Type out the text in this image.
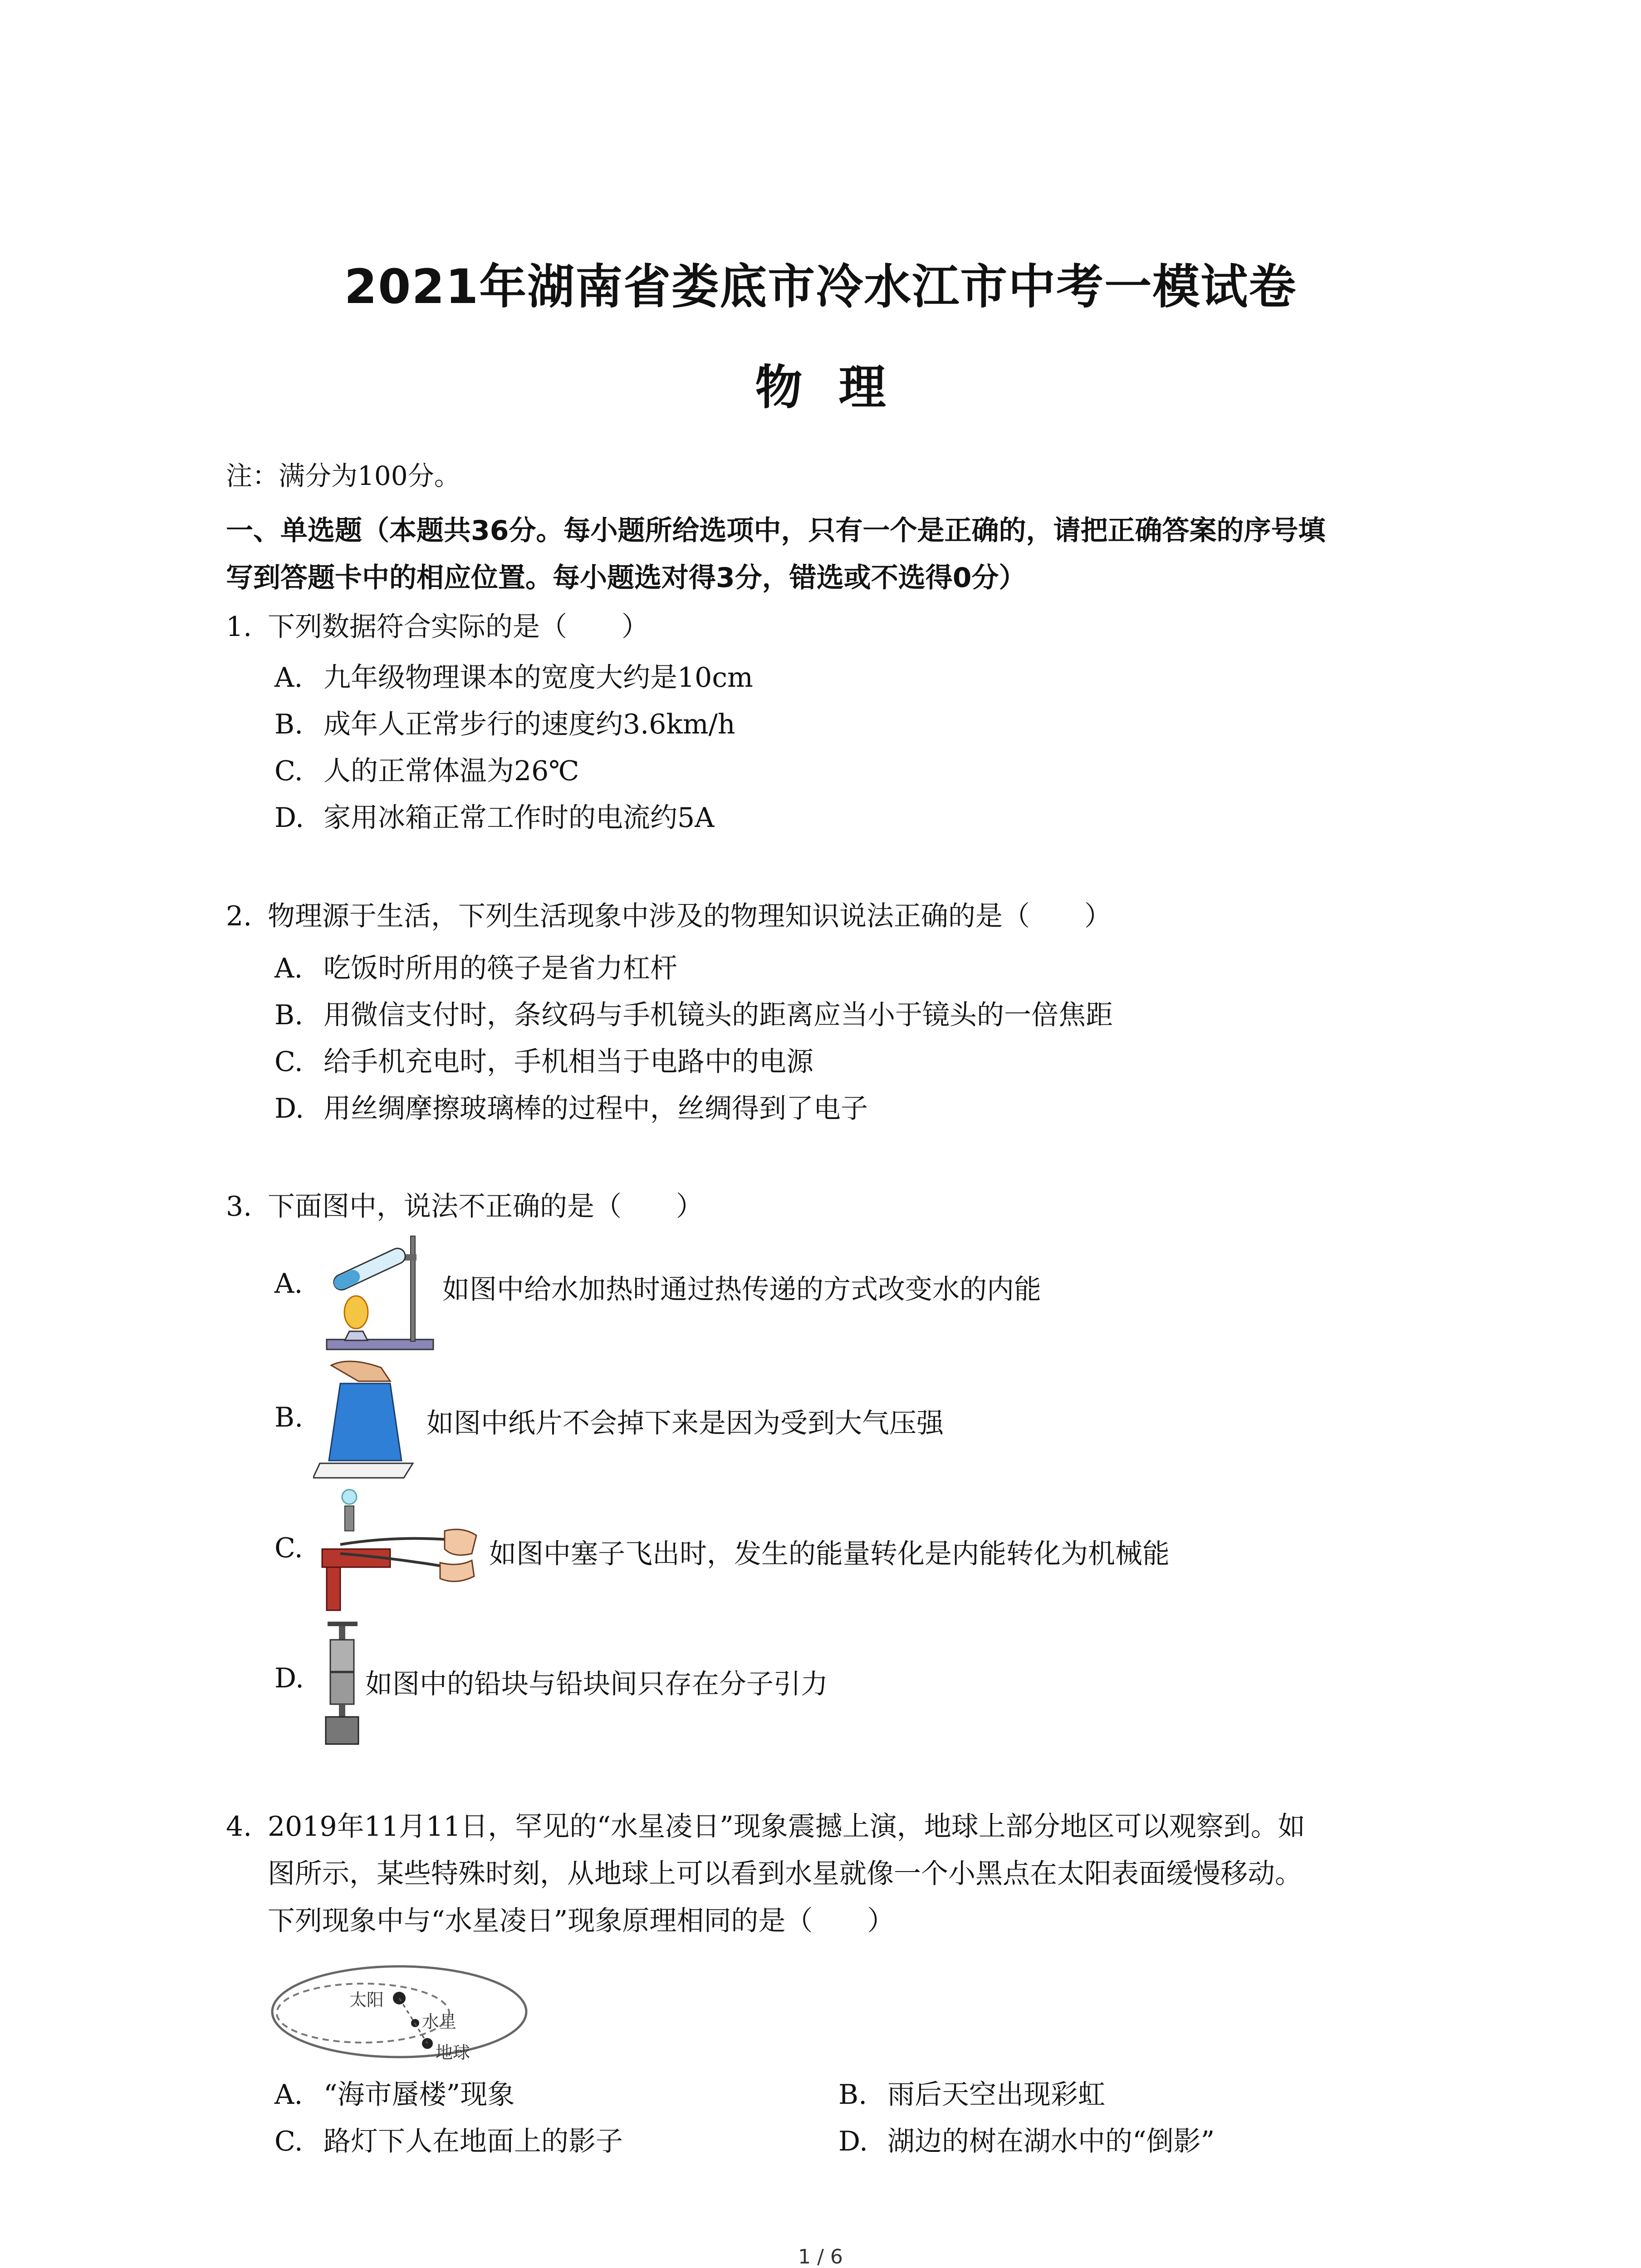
2021年湖南省娄底市冷水江市中考一模试卷
物理
注：满分为100分。
一、单选题（本题共36分。每小题所给选项中，只有一个是正确的，请把正确答案的序号填
写到答题卡中的相应位置。每小题选对得3分，错选或不选得0分）
1. 下列数据符合实际的是（　　）
A. 九年级物理课本的宽度大约是10cm
B. 成年人正常步行的速度约3.6km/h
C. 人的正常体温为26℃
D. 家用冰箱正常工作时的电流约5A
2. 物理源于生活，下列生活现象中涉及的物理知识说法正确的是（　　）
A. 吃饭时所用的筷子是省力杠杆
B. 用微信支付时，条纹码与手机镜头的距离应当小于镜头的一倍焦距
C. 给手机充电时，手机相当于电路中的电源
D. 用丝绸摩擦玻璃棒的过程中，丝绸得到了电子
3. 下面图中，说法不正确的是（　　）
A.	如图中给水加热时通过热传递的方式改变水的内能
B.	如图中纸片不会掉下来是因为受到大气压强
C.	如图中塞子飞出时，发生的能量转化是内能转化为机械能
D. 如图中的铅块与铅块间只存在分子引力
4. 2019年11月11日，罕见的“水星凌日”现象震撼上演，地球上部分地区可以观察到。如
图所示，某些特殊时刻，从地球上可以看到水星就像一个小黑点在太阳表面缓慢移动。
下列现象中与“水星凌日”现象原理相同的是（　　）
太阳
水星
地球
A. “海市蜃楼”现象	B. 雨后天空出现彩虹
C. 路灯下人在地面上的影子	D. 湖边的树在湖水中的“倒影”
1 / 6
